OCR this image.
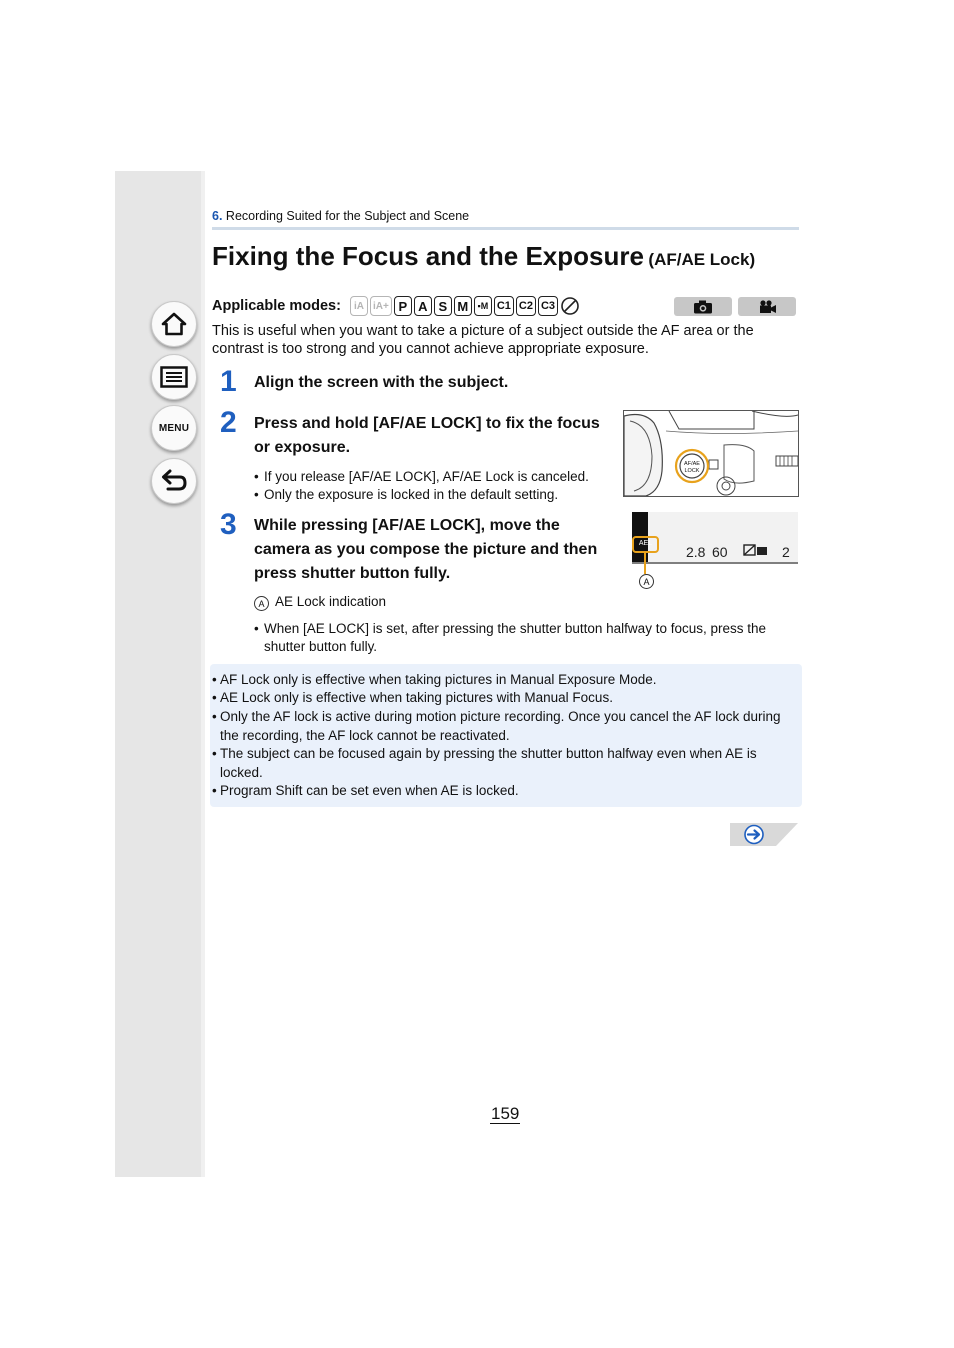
MENU
6. Recording Suited for the Subject and Scene
Fixing the Focus and the Exposure (AF/AE Lock)
Applicable modes:	iA iA+ P A S M	▪M C1 C2 C3
This is useful when you want to take a picture of a subject outside the AF area or the contrast is too strong and you cannot achieve appropriate exposure.
1 Align the screen with the subject.
2 Press and hold [AF/AE LOCK] to fix the focus or exposure.
• If you release [AF/AE LOCK], AF/AE Lock is canceled.
• Only the exposure is locked in the default setting.
AF/AE
LOCK
3 While pressing [AF/AE LOCK], move the camera as you compose the picture and then press shutter button fully.
AEL
2.8 60	2
A
A AE Lock indication
• When [AE LOCK] is set, after pressing the shutter button halfway to focus, press the shutter button fully.
• AF Lock only is effective when taking pictures in Manual Exposure Mode.
• AE Lock only is effective when taking pictures with Manual Focus.
• Only the AF lock is active during motion picture recording. Once you cancel the AF lock during the recording, the AF lock cannot be reactivated.
• The subject can be focused again by pressing the shutter button halfway even when AE is locked.
• Program Shift can be set even when AE is locked.
159
